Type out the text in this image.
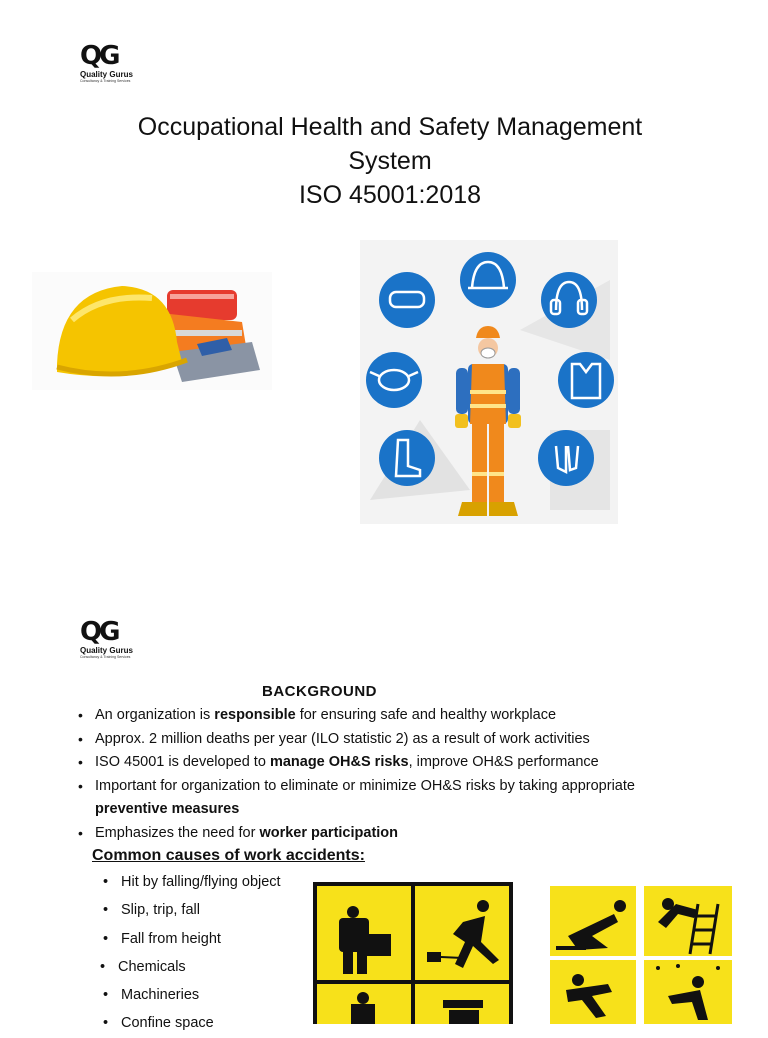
QG
Quality Gurus
Consultancy & Training Services
Occupational Health and Safety Management
System
ISO 45001:2018
QG
Quality Gurus
Consultancy & Training Services
BACKGROUND
• An organization is responsible for ensuring safe and healthy workplace
• Approx. 2 million deaths per year (ILO statistic 2) as a result of work activities
• ISO 45001 is developed to manage OH&S risks, improve OH&S performance
• Important for organization to eliminate or minimize OH&S risks by taking appropriate preventive measures
• Emphasizes the need for worker participation
Common causes of work accidents:
• Hit by falling/flying object
• Slip, trip, fall
• Fall from height
• Chemicals
• Machineries
• Confine space
